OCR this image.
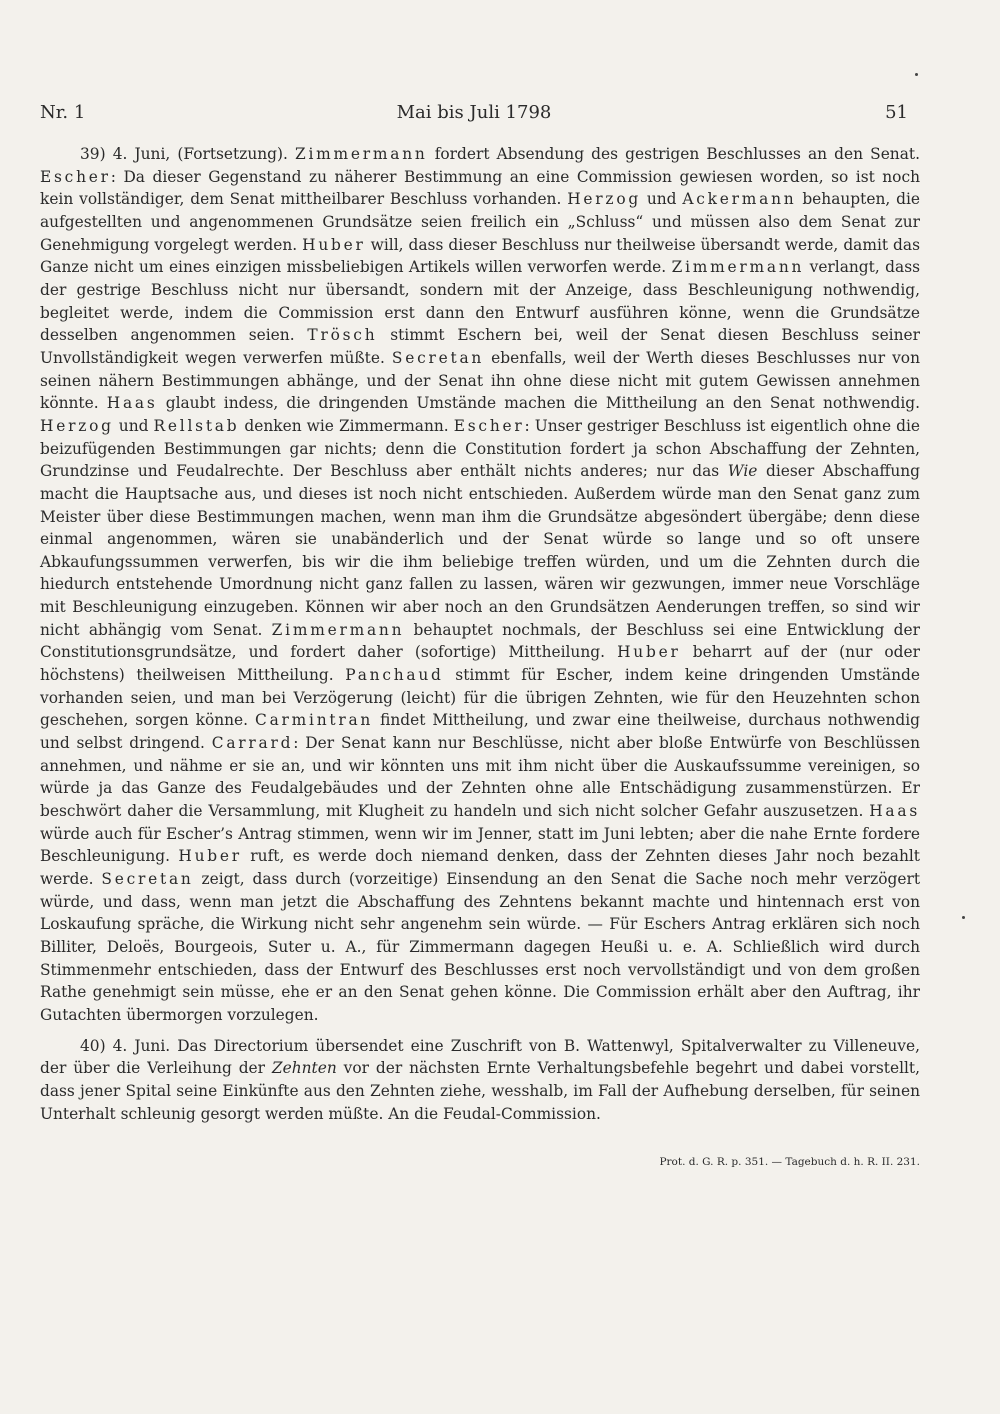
Nr. 1	Mai bis Juli 1798	51

39) 4. Juni, (Fortsetzung). Zimmermann fordert Absendung des gestrigen Beschlusses an den Senat. Escher: Da dieser Gegenstand zu näherer Bestimmung an eine Commission gewiesen worden, so ist noch kein vollständiger, dem Senat mittheilbarer Beschluss vorhanden. Herzog und Ackermann behaupten, die aufgestellten und angenommenen Grundsätze seien freilich ein „Schluss“ und müssen also dem Senat zur Genehmigung vorgelegt werden. Huber will, dass dieser Beschluss nur theilweise übersandt werde, damit das Ganze nicht um eines einzigen missbeliebigen Artikels willen verworfen werde. Zimmermann verlangt, dass der gestrige Beschluss nicht nur übersandt, sondern mit der Anzeige, dass Beschleunigung nothwendig, begleitet werde, indem die Commission erst dann den Entwurf ausführen könne, wenn die Grundsätze desselben angenommen seien. Trösch stimmt Eschern bei, weil der Senat diesen Beschluss seiner Unvollständigkeit wegen verwerfen müßte. Secretan ebenfalls, weil der Werth dieses Beschlusses nur von seinen nähern Bestimmungen abhänge, und der Senat ihn ohne diese nicht mit gutem Gewissen annehmen könnte. Haas glaubt indess, die dringenden Umstände machen die Mittheilung an den Senat nothwendig. Herzog und Rellstab denken wie Zimmermann. Escher: Unser gestriger Beschluss ist eigentlich ohne die beizufügenden Bestimmungen gar nichts; denn die Constitution fordert ja schon Abschaffung der Zehnten, Grundzinse und Feudalrechte. Der Beschluss aber enthält nichts anderes; nur das Wie dieser Abschaffung macht die Hauptsache aus, und dieses ist noch nicht entschieden. Außerdem würde man den Senat ganz zum Meister über diese Bestimmungen machen, wenn man ihm die Grundsätze abgesöndert übergäbe; denn diese einmal angenommen, wären sie unabänderlich und der Senat würde so lange und so oft unsere Abkaufungssummen verwerfen, bis wir die ihm beliebige treffen würden, und um die Zehnten durch die hiedurch entstehende Umordnung nicht ganz fallen zu lassen, wären wir gezwungen, immer neue Vorschläge mit Beschleunigung einzugeben. Können wir aber noch an den Grundsätzen Aenderungen treffen, so sind wir nicht abhängig vom Senat. Zimmermann behauptet nochmals, der Beschluss sei eine Entwicklung der Constitutionsgrundsätze, und fordert daher (sofortige) Mittheilung. Huber beharrt auf der (nur oder höchstens) theilweisen Mittheilung. Panchaud stimmt für Escher, indem keine dringenden Umstände vorhanden seien, und man bei Verzögerung (leicht) für die übrigen Zehnten, wie für den Heuzehnten schon geschehen, sorgen könne. Carmintran findet Mittheilung, und zwar eine theilweise, durchaus nothwendig und selbst dringend. Carrard: Der Senat kann nur Beschlüsse, nicht aber bloße Entwürfe von Beschlüssen annehmen, und nähme er sie an, und wir könnten uns mit ihm nicht über die Auskaufssumme vereinigen, so würde ja das Ganze des Feudalgebäudes und der Zehnten ohne alle Entschädigung zusammenstürzen. Er beschwört daher die Versammlung, mit Klugheit zu handeln und sich nicht solcher Gefahr auszusetzen. Haas würde auch für Escher’s Antrag stimmen, wenn wir im Jenner, statt im Juni lebten; aber die nahe Ernte fordere Beschleunigung. Huber ruft, es werde doch niemand denken, dass der Zehnten dieses Jahr noch bezahlt werde. Secretan zeigt, dass durch (vorzeitige) Einsendung an den Senat die Sache noch mehr verzögert würde, und dass, wenn man jetzt die Abschaffung des Zehntens bekannt machte und hintennach erst von Loskaufung spräche, die Wirkung nicht sehr angenehm sein würde. — Für Eschers Antrag erklären sich noch Billiter, Deloës, Bourgeois, Suter u. A., für Zimmermann dagegen Heußi u. e. A. Schließlich wird durch Stimmenmehr entschieden, dass der Entwurf des Beschlusses erst noch vervollständigt und von dem großen Rathe genehmigt sein müsse, ehe er an den Senat gehen könne. Die Commission erhält aber den Auftrag, ihr Gutachten übermorgen vorzulegen.

40) 4. Juni. Das Directorium übersendet eine Zuschrift von B. Wattenwyl, Spitalverwalter zu Villeneuve, der über die Verleihung der Zehnten vor der nächsten Ernte Verhaltungsbefehle begehrt und dabei vorstellt, dass jener Spital seine Einkünfte aus den Zehnten ziehe, wesshalb, im Fall der Aufhebung derselben, für seinen Unterhalt schleunig gesorgt werden müßte. An die Feudal-Commission.

Prot. d. G. R. p. 351. — Tagebuch d. h. R. II. 231.
